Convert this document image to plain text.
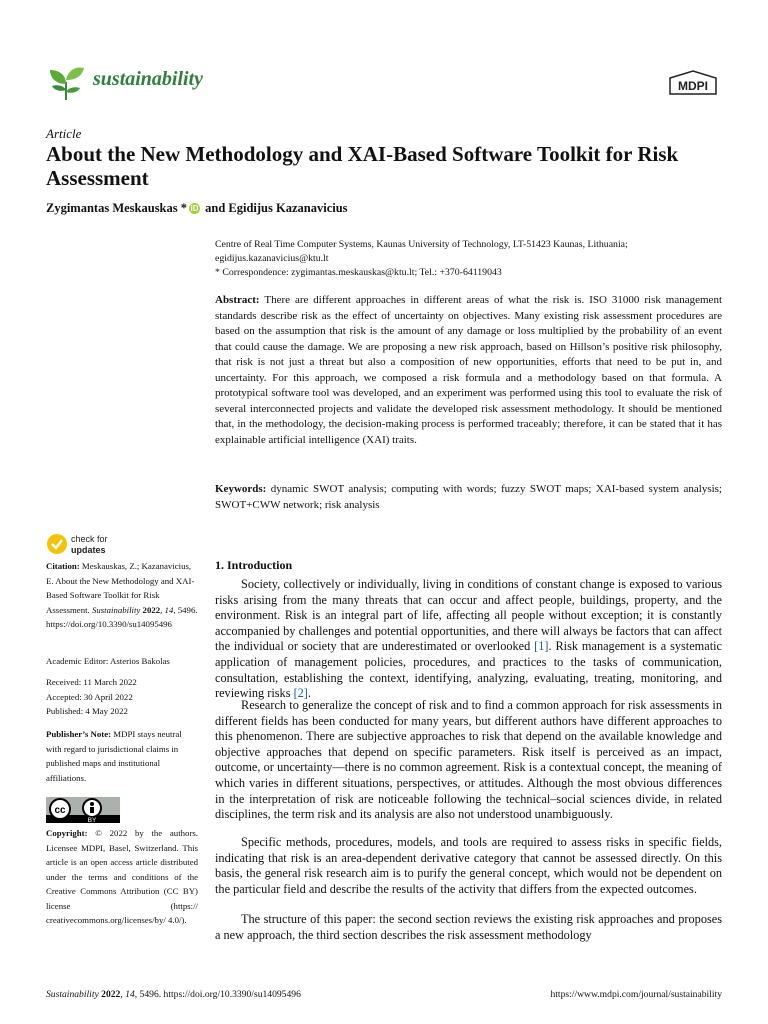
sustainability	MDPI
Article
About the New Methodology and XAI-Based Software Toolkit for Risk Assessment
Zygimantas Meskauskas * iD and Egidijus Kazanavicius
Centre of Real Time Computer Systems, Kaunas University of Technology, LT-51423 Kaunas, Lithuania;
egidijus.kazanavicius@ktu.lt
* Correspondence: zygimantas.meskauskas@ktu.lt; Tel.: +370-64119043
Abstract: There are different approaches in different areas of what the risk is. ISO 31000 risk management standards describe risk as the effect of uncertainty on objectives. Many existing risk assessment procedures are based on the assumption that risk is the amount of any damage or loss multiplied by the probability of an event that could cause the damage. We are proposing a new risk approach, based on Hillson’s positive risk philosophy, that risk is not just a threat but also a composition of new opportunities, efforts that need to be put in, and uncertainty. For this approach, we composed a risk formula and a methodology based on that formula. A prototypical software tool was developed, and an experiment was performed using this tool to evaluate the risk of several interconnected projects and validate the developed risk assessment methodology. It should be mentioned that, in the methodology, the decision-making process is performed traceably; therefore, it can be stated that it has explainable artificial intelligence (XAI) traits.
Keywords: dynamic SWOT analysis; computing with words; fuzzy SWOT maps; XAI-based system analysis; SWOT+CWW network; risk analysis
check for
updates
Citation: Meskauskas, Z.; Kazanavicius, E. About the New Methodology and XAI-Based Software Toolkit for Risk Assessment. Sustainability 2022, 14, 5496. https://doi.org/10.3390/su14095496
Academic Editor: Asterios Bakolas
Received: 11 March 2022
Accepted: 30 April 2022
Published: 4 May 2022
Publisher’s Note: MDPI stays neutral with regard to jurisdictional claims in published maps and institutional affiliations.
cc
BY
Copyright: © 2022 by the authors. Licensee MDPI, Basel, Switzerland. This article is an open access article distributed under the terms and conditions of the Creative Commons Attribution (CC BY) license (https:// creativecommons.org/licenses/by/ 4.0/).
1. Introduction
Society, collectively or individually, living in conditions of constant change is exposed to various risks arising from the many threats that can occur and affect people, buildings, property, and the environment. Risk is an integral part of life, affecting all people without exception; it is constantly accompanied by challenges and potential opportunities, and there will always be factors that can affect the individual or society that are underestimated or overlooked [1]. Risk management is a systematic application of management policies, procedures, and practices to the tasks of communication, consultation, establishing the context, identifying, analyzing, evaluating, treating, monitoring, and reviewing risks [2].
Research to generalize the concept of risk and to find a common approach for risk assessments in different fields has been conducted for many years, but different authors have different approaches to this phenomenon. There are subjective approaches to risk that depend on the available knowledge and objective approaches that depend on specific parameters. Risk itself is perceived as an impact, outcome, or uncertainty—there is no common agreement. Risk is a contextual concept, the meaning of which varies in different situations, perspectives, or attitudes. Although the most obvious differences in the interpretation of risk are noticeable following the technical–social sciences divide, in related disciplines, the term risk and its analysis are also not understood unambiguously.
Specific methods, procedures, models, and tools are required to assess risks in specific fields, indicating that risk is an area-dependent derivative category that cannot be assessed directly. On this basis, the general risk research aim is to purify the general concept, which would not be dependent on the particular field and describe the results of the activity that differs from the expected outcomes.
The structure of this paper: the second section reviews the existing risk approaches and proposes a new approach, the third section describes the risk assessment methodology
Sustainability 2022, 14, 5496. https://doi.org/10.3390/su14095496	https://www.mdpi.com/journal/sustainability
